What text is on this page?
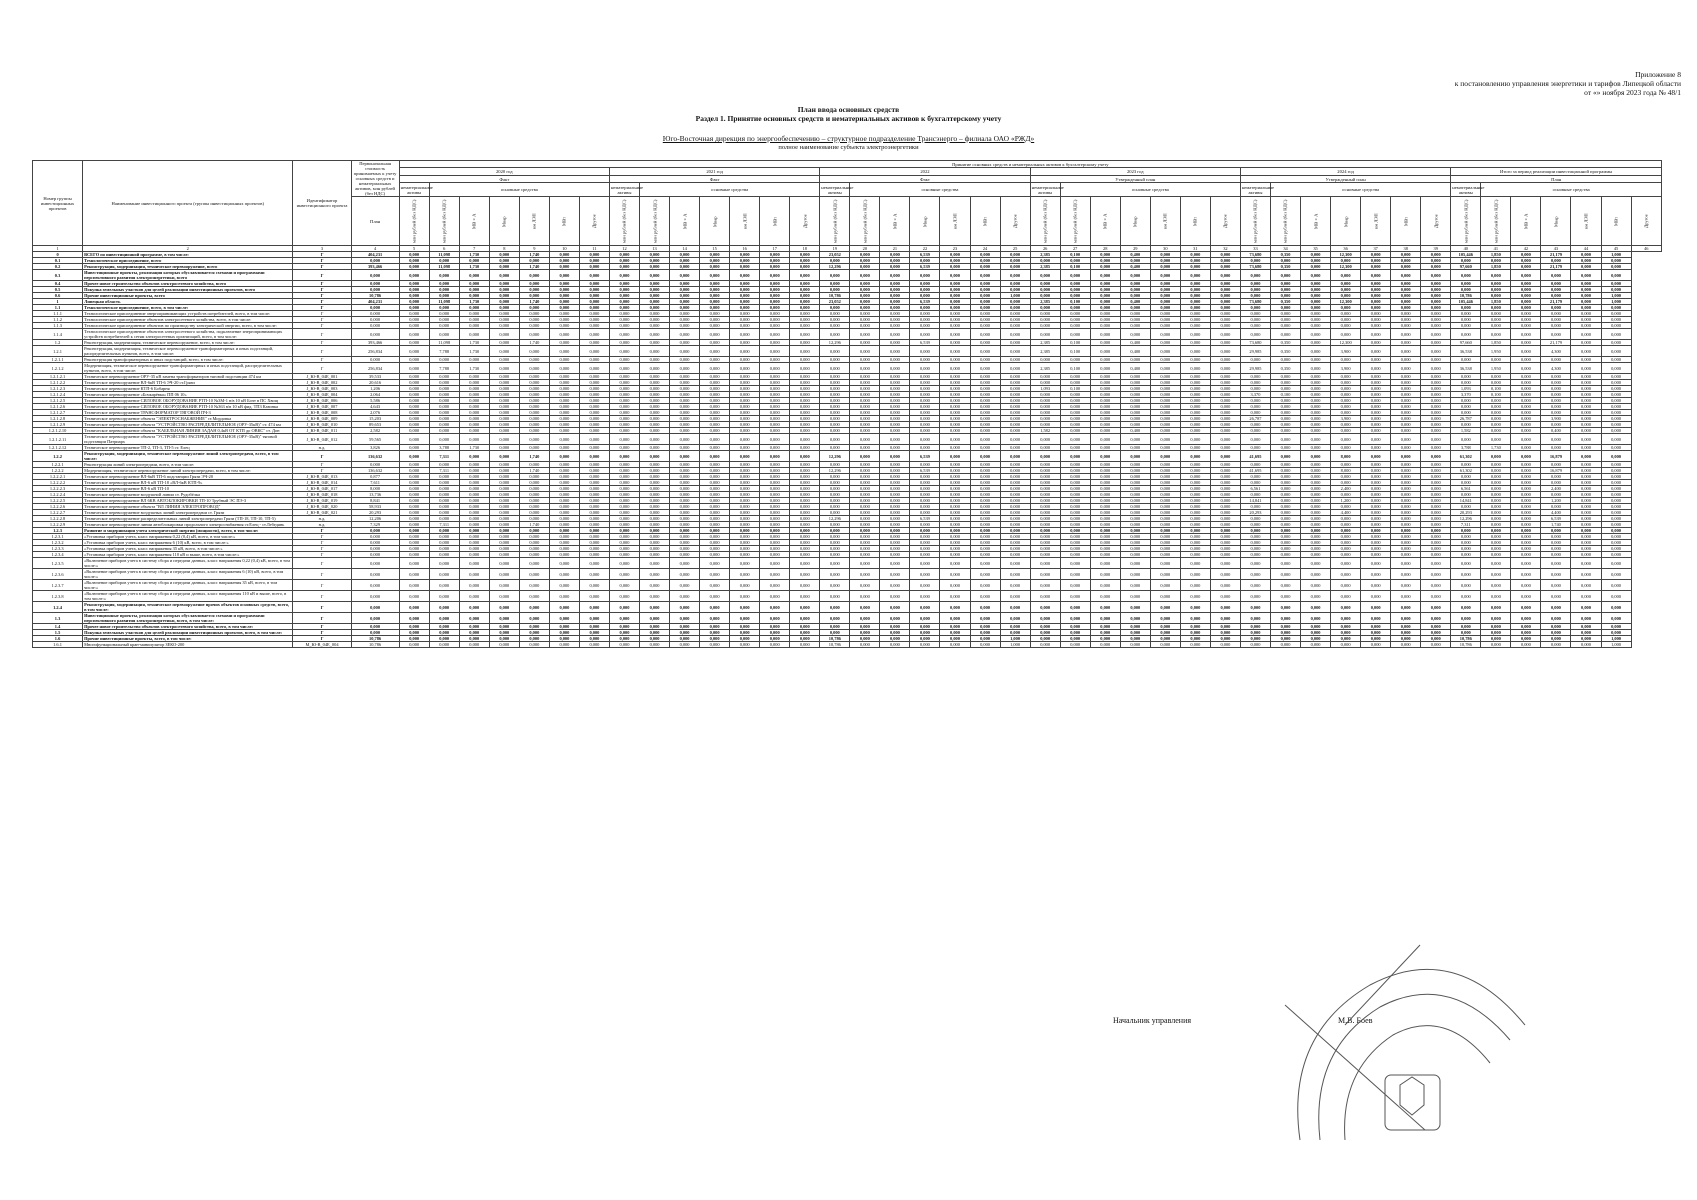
Приложение 8
к постановлению управления энергетики и тарифов Липецкой области
от «» ноября 2023 года № 48/1
План ввода основных средств
Раздел 1. Принятие основных средств и нематериальных активов к бухгалтерскому учету
Юго-Восточная дирекция по энергообеспечению – структурное подразделение Трансэнерго – филиала ОАО «РЖД»
полное наименование субъекта электроэнергетики
Номер группы инвестиционных проектов	Наименование инвестиционного проекта (группы инвестиционных проектов)	Идентификатор инвестиционного проекта	Первоначальная стоимость принимаемых к учету основных средств и нематериальных активов, млн рублей (без НДС)	Принятие основных средств и нематериальных активов к бухгалтерскому учету																																									
				2020 год							2021 год							2022							2023 год							2024 год							Итого за период реализации инвестиционной программы						
				Факт							Факт							Факт							Утвержденный план							Утвержденный план							План						
				нематериальные активы	основные средства						нематериальные активы	основные средства						нематериальные активы	основные средства						нематериальные активы	основные средства						нематериальные активы	основные средства						нематериальные активы	основные средства					
			План	млн рублей (без НДС)	млн рублей (без НДС)	МВ×А	Мвар	км ЛЭП	МВт	Другое	млн рублей (без НДС)	млн рублей (без НДС)	МВ×А	Мвар	км ЛЭП	МВт	Другое	млн рублей (без НДС)	млн рублей (без НДС)	МВ×А	Мвар	км ЛЭП	МВт	Другое	млн рублей (без НДС)	млн рублей (без НДС)	МВ×А	Мвар	км ЛЭП	МВт	Другое	млн рублей (без НДС)	млн рублей (без НДС)	МВ×А	Мвар	км ЛЭП	МВт	Другое	млн рублей (без НДС)	млн рублей (без НДС)	МВ×А	Мвар	км ЛЭП	МВт	Другое
1	2	3	4	5	6	7	8	9	10	11	12	13	14	15	16	17	18	19	20	21	22	23	24	25	26	27	28	29	30	31	32	33	34	35	36	37	38	39	40	41	42	43	44	45	46
0	ВСЕГО по инвестиционной программе, в том числе:	Г	404,231	0,000	11,098	1,730	0,000	1,740	0,000	0,000	0,000	0,000	0,000	0,000	0,000	0,000	0,000	23,052	0,000	0,000	6,539	0,000	0,000	0,000	2,385	0,100	0,000	0,400	0,000	0,000	0,000	73,680	0,350	0,000	12,300	0,000	0,000	0,000	105,446	1,850	0,000	21,179	0,000	1,000	
0.1	Технологическое присоединение, всего	Г	0,000	0,000	0,000	0,000	0,000	0,000	0,000	0,000	0,000	0,000	0,000	0,000	0,000	0,000	0,000	0,000	0,000	0,000	0,000	0,000	0,000	0,000	0,000	0,000	0,000	0,000	0,000	0,000	0,000	0,000	0,000	0,000	0,000	0,000	0,000	0,000	0,000	0,000	0,000	0,000	0,000	0,000	
0.2	Реконструкция, модернизация, техническое перевооружение, всего	Г	393,466	0,000	11,098	1,730	0,000	1,740	0,000	0,000	0,000	0,000	0,000	0,000	0,000	0,000	0,000	12,296	0,000	0,000	6,539	0,000	0,000	0,000	2,385	0,100	0,000	0,400	0,000	0,000	0,000	73,680	0,350	0,000	12,300	0,000	0,000	0,000	97,660	1,850	0,000	21,179	0,000	0,000	
0.3	Инвестиционные проекты, реализация которых обуславливается схемами и программами перспективного развития электроэнергетики, всего	Г	0,000	0,000	0,000	0,000	0,000	0,000	0,000	0,000	0,000	0,000	0,000	0,000	0,000	0,000	0,000	0,000	0,000	0,000	0,000	0,000	0,000	0,000	0,000	0,000	0,000	0,000	0,000	0,000	0,000	0,000	0,000	0,000	0,000	0,000	0,000	0,000	0,000	0,000	0,000	0,000	0,000	0,000	
0.4	Прочее новое строительство объектов электросетевого хозяйства, всего	Г	0,000	0,000	0,000	0,000	0,000	0,000	0,000	0,000	0,000	0,000	0,000	0,000	0,000	0,000	0,000	0,000	0,000	0,000	0,000	0,000	0,000	0,000	0,000	0,000	0,000	0,000	0,000	0,000	0,000	0,000	0,000	0,000	0,000	0,000	0,000	0,000	0,000	0,000	0,000	0,000	0,000	0,000	
0.5	Покупка земельных участков для целей реализации инвестиционных проектов, всего	Г	0,000	0,000	0,000	0,000	0,000	0,000	0,000	0,000	0,000	0,000	0,000	0,000	0,000	0,000	0,000	0,000	0,000	0,000	0,000	0,000	0,000	0,000	0,000	0,000	0,000	0,000	0,000	0,000	0,000	0,000	0,000	0,000	0,000	0,000	0,000	0,000	0,000	0,000	0,000	0,000	0,000	0,000	
0.6	Прочие инвестиционные проекты, всего	Г	10,786	0,000	0,000	0,000	0,000	0,000	0,000	0,000	0,000	0,000	0,000	0,000	0,000	0,000	0,000	10,786	0,000	0,000	0,000	0,000	0,000	1,000	0,000	0,000	0,000	0,000	0,000	0,000	0,000	0,000	0,000	0,000	0,000	0,000	0,000	0,000	10,786	0,000	0,000	0,000	0,000	1,000	
1	Липецкая область	Г	404,231	0,000	11,098	1,730	0,000	1,740	0,000	0,000	0,000	0,000	0,000	0,000	0,000	0,000	0,000	23,052	0,000	0,000	6,539	0,000	0,000	0,000	2,385	0,100	0,000	0,400	0,000	0,000	0,000	73,680	0,350	0,000	12,300	0,000	0,000	0,000	105,446	1,850	0,000	21,179	0,000	1,000	
1.1	Технологическое присоединение, всего, в том числе:	Г	0,000	0,000	0,000	0,000	0,000	0,000	0,000	0,000	0,000	0,000	0,000	0,000	0,000	0,000	0,000	0,000	0,000	0,000	0,000	0,000	0,000	0,000	0,000	0,000	0,000	0,000	0,000	0,000	0,000	0,000	0,000	0,000	0,000	0,000	0,000	0,000	0,000	0,000	0,000	0,000	0,000	0,000	
1.1.1	Технологическое присоединение энергопринимающих устройств потребителей, всего, в том числе:	Г	0,000	0,000	0,000	0,000	0,000	0,000	0,000	0,000	0,000	0,000	0,000	0,000	0,000	0,000	0,000	0,000	0,000	0,000	0,000	0,000	0,000	0,000	0,000	0,000	0,000	0,000	0,000	0,000	0,000	0,000	0,000	0,000	0,000	0,000	0,000	0,000	0,000	0,000	0,000	0,000	0,000	0,000	
1.1.2	Технологическое присоединение объектов электросетевого хозяйства, всего, в том числе:	Г	0,000	0,000	0,000	0,000	0,000	0,000	0,000	0,000	0,000	0,000	0,000	0,000	0,000	0,000	0,000	0,000	0,000	0,000	0,000	0,000	0,000	0,000	0,000	0,000	0,000	0,000	0,000	0,000	0,000	0,000	0,000	0,000	0,000	0,000	0,000	0,000	0,000	0,000	0,000	0,000	0,000	0,000	
1.1.3	Технологическое присоединение объектов по производству электрической энергии, всего, в том числе:	Г	0,000	0,000	0,000	0,000	0,000	0,000	0,000	0,000	0,000	0,000	0,000	0,000	0,000	0,000	0,000	0,000	0,000	0,000	0,000	0,000	0,000	0,000	0,000	0,000	0,000	0,000	0,000	0,000	0,000	0,000	0,000	0,000	0,000	0,000	0,000	0,000	0,000	0,000	0,000	0,000	0,000	0,000	
1.1.4	Технологическое присоединение объектов электросетевого хозяйства, подключение энергопринимающих устройств потребителей к сетям электросетевых организаций, всего, в том числе:	Г	0,000	0,000	0,000	0,000	0,000	0,000	0,000	0,000	0,000	0,000	0,000	0,000	0,000	0,000	0,000	0,000	0,000	0,000	0,000	0,000	0,000	0,000	0,000	0,000	0,000	0,000	0,000	0,000	0,000	0,000	0,000	0,000	0,000	0,000	0,000	0,000	0,000	0,000	0,000	0,000	0,000	0,000	
1.2	Реконструкция, модернизация, техническое перевооружение, всего, в том числе:	Г	393,466	0,000	11,098	1,730	0,000	1,740	0,000	0,000	0,000	0,000	0,000	0,000	0,000	0,000	0,000	12,296	0,000	0,000	6,539	0,000	0,000	0,000	2,385	0,100	0,000	0,400	0,000	0,000	0,000	73,680	0,350	0,000	12,300	0,000	0,000	0,000	97,660	1,850	0,000	21,179	0,000	0,000	
1.2.1	Реконструкция, модернизация, техническое перевооружение трансформаторных и иных подстанций, распределительных пунктов, всего, в том числе:	Г	256,834	0,000	7,788	1,730	0,000	0,000	0,000	0,000	0,000	0,000	0,000	0,000	0,000	0,000	0,000	0,000	0,000	0,000	0,000	0,000	0,000	0,000	2,385	0,100	0,000	0,400	0,000	0,000	0,000	29,985	0,350	0,000	3,900	0,000	0,000	0,000	36,538	1,950	0,000	4,300	0,000	0,000	
1.2.1.1	Реконструкция трансформаторных и иных подстанций, всего, в том числе:	Г	0,000	0,000	0,000	0,000	0,000	0,000	0,000	0,000	0,000	0,000	0,000	0,000	0,000	0,000	0,000	0,000	0,000	0,000	0,000	0,000	0,000	0,000	0,000	0,000	0,000	0,000	0,000	0,000	0,000	0,000	0,000	0,000	0,000	0,000	0,000	0,000	0,000	0,000	0,000	0,000	0,000	0,000	
1.2.1.2	Модернизация, техническое перевооружение трансформаторных и иных подстанций, распределительных пунктов, всего, в том числе:	Г	256,834	0,000	7,788	1,730	0,000	0,000	0,000	0,000	0,000	0,000	0,000	0,000	0,000	0,000	0,000	0,000	0,000	0,000	0,000	0,000	0,000	0,000	2,385	0,100	0,000	0,400	0,000	0,000	0,000	29,985	0,350	0,000	3,900	0,000	0,000	0,000	36,538	1,950	0,000	4,300	0,000	0,000	
1.2.1.2.1	Техническое перевооружение ОРУ-35 кВ замена трансформаторов тяговой подстанции 474 км	J_Ю-В_04Е_001	39,533	0,000	0,000	0,000	0,000	0,000	0,000	0,000	0,000	0,000	0,000	0,000	0,000	0,000	0,000	0,000	0,000	0,000	0,000	0,000	0,000	0,000	0,000	0,000	0,000	0,000	0,000	0,000	0,000	0,000	0,000	0,000	0,000	0,000	0,000	0,000	0,000	0,000	0,000	0,000	0,000	0,000	
1.2.1.2.2	Техническое перевооружение ВЛ-6кВ ТП-6 ЭЧ-20 ст.Грязи	J_Ю-В_04Е_002	20,616	0,000	0,000	0,000	0,000	0,000	0,000	0,000	0,000	0,000	0,000	0,000	0,000	0,000	0,000	0,000	0,000	0,000	0,000	0,000	0,000	0,000	0,000	0,000	0,000	0,000	0,000	0,000	0,000	0,000	0,000	0,000	0,000	0,000	0,000	0,000	0,000	0,000	0,000	0,000	0,000	0,000	
1.2.1.2.3	Техническое перевооружение КТП-6 Бобарня	J_Ю-В_04Е_003	1,206	0,000	0,000	0,000	0,000	0,000	0,000	0,000	0,000	0,000	0,000	0,000	0,000	0,000	0,000	0,000	0,000	0,000	0,000	0,000	0,000	0,000	1,093	0,100	0,000	0,000	0,000	0,000	0,000	0,000	0,000	0,000	0,000	0,000	0,000	0,000	1,093	0,100	0,000	0,000	0,000	0,000	
1.2.1.2.4	Техническое перевооружение «Бочкарёвка» ПП 06 10»	J_Ю-В_04Е_004	2,064	0,000	0,000	0,000	0,000	0,000	0,000	0,000	0,000	0,000	0,000	0,000	0,000	0,000	0,000	0,000	0,000	0,000	0,000	0,000	0,000	0,000	0,000	0,000	0,000	0,000	0,000	0,000	0,000	3,370	0,100	0,000	0,000	0,000	0,000	0,000	3,370	0,100	0,000	0,000	0,000	0,000	
1.2.1.2.5	Техническое перевооружение СИЛОВОЕ ОБОРУДОВАНИЕ РТП-10 №3М-1 в/в 10 кВ Бочт в ПС Хвощ	J_Ю-В_04Е_006	5,586	0,000	0,000	0,000	0,000	0,000	0,000	0,000	0,000	0,000	0,000	0,000	0,000	0,000	0,000	0,000	0,000	0,000	0,000	0,000	0,000	0,000	0,000	0,000	0,000	0,000	0,000	0,000	0,000	0,000	0,000	0,000	0,000	0,000	0,000	0,000	0,000	0,000	0,000	0,000	0,000	0,000	
1.2.1.2.6	Техническое перевооружение СИЛОВОЕ ОБОРУДОВАНИЕ РТП-10 №363 в/в 10 кВ фид. ТП3 Казинка	J_Ю-В_04Е_007	4,643	0,000	0,000	0,000	0,000	0,000	0,000	0,000	0,000	0,000	0,000	0,000	0,000	0,000	0,000	0,000	0,000	0,000	0,000	0,000	0,000	0,000	0,000	0,000	0,000	0,000	0,000	0,000	0,000	0,000	0,000	0,000	0,000	0,000	0,000	0,000	0,000	0,000	0,000	0,000	0,000	0,000	
1.2.1.2.7	Техническое перевооружение ТРАНСФОРМАТОР ТЯГОВОЙ ПЧ-3	J_Ю-В_04Е_008	2,076	0,000	0,000	0,000	0,000	0,000	0,000	0,000	0,000	0,000	0,000	0,000	0,000	0,000	0,000	0,000	0,000	0,000	0,000	0,000	0,000	0,000	0,000	0,000	0,000	0,000	0,000	0,000	0,000	0,000	0,000	0,000	0,000	0,000	0,000	0,000	0,000	0,000	0,000	0,000	0,000	0,000	
1.2.1.2.8	Техническое перевооружение объекта "ЭЛЕКТРОСНАБЖЕНИЕ" ст.Мордовка	J_Ю-В_04Е_009	15,203	0,000	0,000	0,000	0,000	0,000	0,000	0,000	0,000	0,000	0,000	0,000	0,000	0,000	0,000	0,000	0,000	0,000	0,000	0,000	0,000	0,000	0,000	0,000	0,000	0,000	0,000	0,000	0,000	26,787	0,000	0,000	3,900	0,000	0,000	0,000	26,787	0,000	0,000	3,900	0,000	0,000	
1.2.1.2.9	Техническое перевооружение объекта "УСТРОЙСТВО РАСПРЕДЕЛИТЕЛЬНОЕ (ОРУ-35кВ)" ст. 474 км	J_Ю-В_04Е_010	89,653	0,000	0,000	0,000	0,000	0,000	0,000	0,000	0,000	0,000	0,000	0,000	0,000	0,000	0,000	0,000	0,000	0,000	0,000	0,000	0,000	0,000	0,000	0,000	0,000	0,000	0,000	0,000	0,000	0,000	0,000	0,000	0,000	0,000	0,000	0,000	0,000	0,000	0,000	0,000	0,000	0,000	
1.2.1.2.10	Техническое перевооружение объекта "КАБЕЛЬНАЯ ЛИНИЯ ЗАДАН 0,4кВ ОТ КТП до ОВКС" ст. Дон	J_Ю-В_04Е_011	2,582	0,000	0,000	0,000	0,000	0,000	0,000	0,000	0,000	0,000	0,000	0,000	0,000	0,000	0,000	0,000	0,000	0,000	0,000	0,000	0,000	0,000	1,582	0,000	0,000	0,400	0,000	0,000	0,000	0,000	0,000	0,000	0,000	0,000	0,000	0,000	1,582	0,000	0,000	0,400	0,000	0,000	
1.2.1.2.11	Техническое перевооружение объекта "УСТРОЙСТВО РАСПРЕДЕЛИТЕЛЬНОЕ (ОРУ-35кВ)" тяговой подстанции Патриарх	J_Ю-В_04Е_012	59,565	0,000	0,000	0,000	0,000	0,000	0,000	0,000	0,000	0,000	0,000	0,000	0,000	0,000	0,000	0,000	0,000	0,000	0,000	0,000	0,000	0,000	0,000	0,000	0,000	0,000	0,000	0,000	0,000	0,000	0,000	0,000	0,000	0,000	0,000	0,000	0,000	0,000	0,000	0,000	0,000	0,000	
1.2.1.2.12	Техническое перевооружение ТП-2, ТП-3, ТП-5 ст. Елец	н.д.	3,826	0,000	3,788	1,730	0,000	0,000	0,000	0,000	0,000	0,000	0,000	0,000	0,000	0,000	0,000	0,000	0,000	0,000	0,000	0,000	0,000	0,000	0,000	0,000	0,000	0,000	0,000	0,000	0,000	0,000	0,000	0,000	0,000	0,000	0,000	0,000	3,788	1,730	0,000	0,000	0,000	0,000	
1.2.2	Реконструкция, модернизация, техническое перевооружение линий электропередачи, всего, в том числе:	Г	136,632	0,000	7,311	0,000	0,000	1,740	0,000	0,000	0,000	0,000	0,000	0,000	0,000	0,000	0,000	12,296	0,000	0,000	6,539	0,000	0,000	0,000	0,000	0,000	0,000	0,000	0,000	0,000	0,000	41,695	0,000	0,000	8,000	0,000	0,000	0,000	61,302	0,000	0,000	16,879	0,000	0,000	
1.2.2.1	Реконструкция линий электропередачи, всего, в том числе:	Г	0,000	0,000	0,000	0,000	0,000	0,000	0,000	0,000	0,000	0,000	0,000	0,000	0,000	0,000	0,000	0,000	0,000	0,000	0,000	0,000	0,000	0,000	0,000	0,000	0,000	0,000	0,000	0,000	0,000	0,000	0,000	0,000	0,000	0,000	0,000	0,000	0,000	0,000	0,000	0,000	0,000	0,000	
1.2.2.2	Модернизация, техническое перевооружение линий электропередачи, всего, в том числе:	Г	136,632	0,000	7,311	0,000	0,000	1,740	0,000	0,000	0,000	0,000	0,000	0,000	0,000	0,000	0,000	12,296	0,000	0,000	6,539	0,000	0,000	0,000	0,000	0,000	0,000	0,000	0,000	0,000	0,000	41,695	0,000	0,000	8,000	0,000	0,000	0,000	61,302	0,000	0,000	16,879	0,000	0,000	
1.2.2.2.1	Техническое перевооружение ВЛ-6кВ ТП-6 подстанции Грязи ЭЧ-20	J_Ю-В_04Е_013	0,877	0,000	0,000	0,000	0,000	0,000	0,000	0,000	0,000	0,000	0,000	0,000	0,000	0,000	0,000	0,000	0,000	0,000	0,000	0,000	0,000	0,000	0,000	0,000	0,000	0,000	0,000	0,000	0,000	0,000	0,000	0,000	0,000	0,000	0,000	0,000	0,000	0,000	0,000	0,000	0,000	0,000	
1.2.2.2.2	Техническое перевооружение ВЛ-6 кВ ТП-18 «ВЛ-6кВ КТП-9»	J_Ю-В_04Е_014	7,611	0,000	0,000	0,000	0,000	0,000	0,000	0,000	0,000	0,000	0,000	0,000	0,000	0,000	0,000	0,000	0,000	0,000	0,000	0,000	0,000	0,000	0,000	0,000	0,000	0,000	0,000	0,000	0,000	0,000	0,000	0,000	0,000	0,000	0,000	0,000	0,000	0,000	0,000	0,000	0,000	0,000	
1.2.2.2.3	Техническое перевооружение ВЛ-6 кВ ТП-10	J_Ю-В_04Е_017	8,000	0,000	0,000	0,000	0,000	0,000	0,000	0,000	0,000	0,000	0,000	0,000	0,000	0,000	0,000	0,000	0,000	0,000	0,000	0,000	0,000	0,000	0,000	0,000	0,000	0,000	0,000	0,000	0,000	6,561	0,000	0,000	2,400	0,000	0,000	0,000	6,561	0,000	0,000	2,400	0,000	0,000	
1.2.2.2.4	Техническое перевооружение воздушной линии ст. Рудобёлка	J_Ю-В_04Е_018	13,736	0,000	0,000	0,000	0,000	0,000	0,000	0,000	0,000	0,000	0,000	0,000	0,000	0,000	0,000	0,000	0,000	0,000	0,000	0,000	0,000	0,000	0,000	0,000	0,000	0,000	0,000	0,000	0,000	0,000	0,000	0,000	0,000	0,000	0,000	0,000	0,000	0,000	0,000	0,000	0,000	0,000	
1.2.2.2.5	Техническое перевооружение ВЛ 6КВ АВТОБЛОКИРОВКИ ТП-10 Трубный ЭС ПЭ-3	J_Ю-В_04Е_019	8,841	0,000	0,000	0,000	0,000	0,000	0,000	0,000	0,000	0,000	0,000	0,000	0,000	0,000	0,000	0,000	0,000	0,000	0,000	0,000	0,000	0,000	0,000	0,000	0,000	0,000	0,000	0,000	0,000	14,841	0,000	0,000	1,200	0,000	0,000	0,000	14,841	0,000	0,000	1,200	0,000	0,000	
1.2.2.2.6	Техническое перевооружение объекта "ВЛ ЛИНИЯ ЭЛЕКТРОПРОВОД"	J_Ю-В_04Е_020	58,933	0,000	0,000	0,000	0,000	0,000	0,000	0,000	0,000	0,000	0,000	0,000	0,000	0,000	0,000	0,000	0,000	0,000	0,000	0,000	0,000	0,000	0,000	0,000	0,000	0,000	0,000	0,000	0,000	0,000	0,000	0,000	0,000	0,000	0,000	0,000	0,000	0,000	0,000	0,000	0,000	0,000	
1.2.2.2.7	Техническое перевооружение воздушных линий электропередачи ст. Грязи	J_Ю-В_04Е_021	20,293	0,000	0,000	0,000	0,000	0,000	0,000	0,000	0,000	0,000	0,000	0,000	0,000	0,000	0,000	0,000	0,000	0,000	0,000	0,000	0,000	0,000	0,000	0,000	0,000	0,000	0,000	0,000	0,000	20,293	0,000	0,000	4,400	0,000	0,000	0,000	20,293	0,000	0,000	4,400	0,000	0,000	
1.2.2.2.8	Техническое перевооружение распределительных линий электропередачи Грязи (ТП-18, ТП-10, ТП-5)	н.д.	12,206	0,000	0,000	0,000	0,000	0,000	0,000	0,000	0,000	0,000	0,000	0,000	0,000	0,000	0,000	12,296	0,000	0,000	6,539	0,000	0,000	0,000	0,000	0,000	0,000	0,000	0,000	0,000	0,000	0,000	0,000	0,000	0,000	0,000	0,000	0,000	12,296	0,000	0,000	6,539	0,000	0,000	
1.2.2.2.9	Техническое перевооружение линии автоблокировки продольного электроснабжения ст.Елец - ст.Лебедянь	н.д.	7,329	0,000	7,311	0,000	0,000	1,740	0,000	0,000	0,000	0,000	0,000	0,000	0,000	0,000	0,000	0,000	0,000	0,000	0,000	0,000	0,000	0,000	0,000	0,000	0,000	0,000	0,000	0,000	0,000	0,000	0,000	0,000	0,000	0,000	0,000	0,000	7,311	0,000	0,000	1,740	0,000	0,000	
1.2.3	Развитие и модернизация учета электрической энергии (мощности), всего, в том числе:	Г	0,000	0,000	0,000	0,000	0,000	0,000	0,000	0,000	0,000	0,000	0,000	0,000	0,000	0,000	0,000	0,000	0,000	0,000	0,000	0,000	0,000	0,000	0,000	0,000	0,000	0,000	0,000	0,000	0,000	0,000	0,000	0,000	0,000	0,000	0,000	0,000	0,000	0,000	0,000	0,000	0,000	0,000	
1.2.3.1	«Установка приборов учета, класс напряжения 0,22 (0,4) кВ, всего, в том числе:»	Г	0,000	0,000	0,000	0,000	0,000	0,000	0,000	0,000	0,000	0,000	0,000	0,000	0,000	0,000	0,000	0,000	0,000	0,000	0,000	0,000	0,000	0,000	0,000	0,000	0,000	0,000	0,000	0,000	0,000	0,000	0,000	0,000	0,000	0,000	0,000	0,000	0,000	0,000	0,000	0,000	0,000	0,000	
1.2.3.2	«Установка приборов учета, класс напряжения 6 (10) кВ, всего, в том числе:»	Г	0,000	0,000	0,000	0,000	0,000	0,000	0,000	0,000	0,000	0,000	0,000	0,000	0,000	0,000	0,000	0,000	0,000	0,000	0,000	0,000	0,000	0,000	0,000	0,000	0,000	0,000	0,000	0,000	0,000	0,000	0,000	0,000	0,000	0,000	0,000	0,000	0,000	0,000	0,000	0,000	0,000	0,000	
1.2.3.3	«Установка приборов учета, класс напряжения 35 кВ, всего, в том числе:»	Г	0,000	0,000	0,000	0,000	0,000	0,000	0,000	0,000	0,000	0,000	0,000	0,000	0,000	0,000	0,000	0,000	0,000	0,000	0,000	0,000	0,000	0,000	0,000	0,000	0,000	0,000	0,000	0,000	0,000	0,000	0,000	0,000	0,000	0,000	0,000	0,000	0,000	0,000	0,000	0,000	0,000	0,000	
1.2.3.4	«Установка приборов учета, класс напряжения 110 кВ и выше, всего, в том числе:»	Г	0,000	0,000	0,000	0,000	0,000	0,000	0,000	0,000	0,000	0,000	0,000	0,000	0,000	0,000	0,000	0,000	0,000	0,000	0,000	0,000	0,000	0,000	0,000	0,000	0,000	0,000	0,000	0,000	0,000	0,000	0,000	0,000	0,000	0,000	0,000	0,000	0,000	0,000	0,000	0,000	0,000	0,000	
1.2.3.5	«Включение приборов учета в систему сбора и передачи данных, класс напряжения 0,22 (0,4) кВ, всего, в том числе:»	Г	0,000	0,000	0,000	0,000	0,000	0,000	0,000	0,000	0,000	0,000	0,000	0,000	0,000	0,000	0,000	0,000	0,000	0,000	0,000	0,000	0,000	0,000	0,000	0,000	0,000	0,000	0,000	0,000	0,000	0,000	0,000	0,000	0,000	0,000	0,000	0,000	0,000	0,000	0,000	0,000	0,000	0,000	
1.2.3.6	«Включение приборов учета в систему сбора и передачи данных, класс напряжения 6 (10) кВ, всего, в том числе:»	Г	0,000	0,000	0,000	0,000	0,000	0,000	0,000	0,000	0,000	0,000	0,000	0,000	0,000	0,000	0,000	0,000	0,000	0,000	0,000	0,000	0,000	0,000	0,000	0,000	0,000	0,000	0,000	0,000	0,000	0,000	0,000	0,000	0,000	0,000	0,000	0,000	0,000	0,000	0,000	0,000	0,000	0,000	
1.2.3.7	«Включение приборов учета в систему сбора и передачи данных, класс напряжения 35 кВ, всего, в том числе:»	Г	0,000	0,000	0,000	0,000	0,000	0,000	0,000	0,000	0,000	0,000	0,000	0,000	0,000	0,000	0,000	0,000	0,000	0,000	0,000	0,000	0,000	0,000	0,000	0,000	0,000	0,000	0,000	0,000	0,000	0,000	0,000	0,000	0,000	0,000	0,000	0,000	0,000	0,000	0,000	0,000	0,000	0,000	
1.2.3.8	«Включение приборов учета в систему сбора и передачи данных, класс напряжения 110 кВ и выше, всего, в том числе:»	Г	0,000	0,000	0,000	0,000	0,000	0,000	0,000	0,000	0,000	0,000	0,000	0,000	0,000	0,000	0,000	0,000	0,000	0,000	0,000	0,000	0,000	0,000	0,000	0,000	0,000	0,000	0,000	0,000	0,000	0,000	0,000	0,000	0,000	0,000	0,000	0,000	0,000	0,000	0,000	0,000	0,000	0,000	
1.2.4	Реконструкция, модернизация, техническое перевооружение прочих объектов основных средств, всего, в том числе:	Г	0,000	0,000	0,000	0,000	0,000	0,000	0,000	0,000	0,000	0,000	0,000	0,000	0,000	0,000	0,000	0,000	0,000	0,000	0,000	0,000	0,000	0,000	0,000	0,000	0,000	0,000	0,000	0,000	0,000	0,000	0,000	0,000	0,000	0,000	0,000	0,000	0,000	0,000	0,000	0,000	0,000	0,000	
1.3	Инвестиционные проекты, реализация которых обуславливается схемами и программами перспективного развития электроэнергетики, всего, в том числе:	Г	0,000	0,000	0,000	0,000	0,000	0,000	0,000	0,000	0,000	0,000	0,000	0,000	0,000	0,000	0,000	0,000	0,000	0,000	0,000	0,000	0,000	0,000	0,000	0,000	0,000	0,000	0,000	0,000	0,000	0,000	0,000	0,000	0,000	0,000	0,000	0,000	0,000	0,000	0,000	0,000	0,000	0,000	
1.4	Прочее новое строительство объектов электросетевого хозяйства, всего, в том числе:	Г	0,000	0,000	0,000	0,000	0,000	0,000	0,000	0,000	0,000	0,000	0,000	0,000	0,000	0,000	0,000	0,000	0,000	0,000	0,000	0,000	0,000	0,000	0,000	0,000	0,000	0,000	0,000	0,000	0,000	0,000	0,000	0,000	0,000	0,000	0,000	0,000	0,000	0,000	0,000	0,000	0,000	0,000	
1.5	Покупка земельных участков для целей реализации инвестиционных проектов, всего, в том числе:	Г	0,000	0,000	0,000	0,000	0,000	0,000	0,000	0,000	0,000	0,000	0,000	0,000	0,000	0,000	0,000	0,000	0,000	0,000	0,000	0,000	0,000	0,000	0,000	0,000	0,000	0,000	0,000	0,000	0,000	0,000	0,000	0,000	0,000	0,000	0,000	0,000	0,000	0,000	0,000	0,000	0,000	0,000	
1.6	Прочие инвестиционные проекты, всего, в том числе:	Г	10,786	0,000	0,000	0,000	0,000	0,000	0,000	0,000	0,000	0,000	0,000	0,000	0,000	0,000	0,000	10,786	0,000	0,000	0,000	0,000	0,000	1,000	0,000	0,000	0,000	0,000	0,000	0,000	0,000	0,000	0,000	0,000	0,000	0,000	0,000	0,000	10,786	0,000	0,000	0,000	0,000	1,000	
1.6.1	Многофункциональный кран-манипулятор ЗЕКО-200	M_Ю-В_04Е_004	10,786	0,000	0,000	0,000	0,000	0,000	0,000	0,000	0,000	0,000	0,000	0,000	0,000	0,000	0,000	10,786	0,000	0,000	0,000	0,000	0,000	1,000	0,000	0,000	0,000	0,000	0,000	0,000	0,000	0,000	0,000	0,000	0,000	0,000	0,000	0,000	10,786	0,000	0,000	0,000	0,000	1,000	
Начальник управления	М.В. Боев
